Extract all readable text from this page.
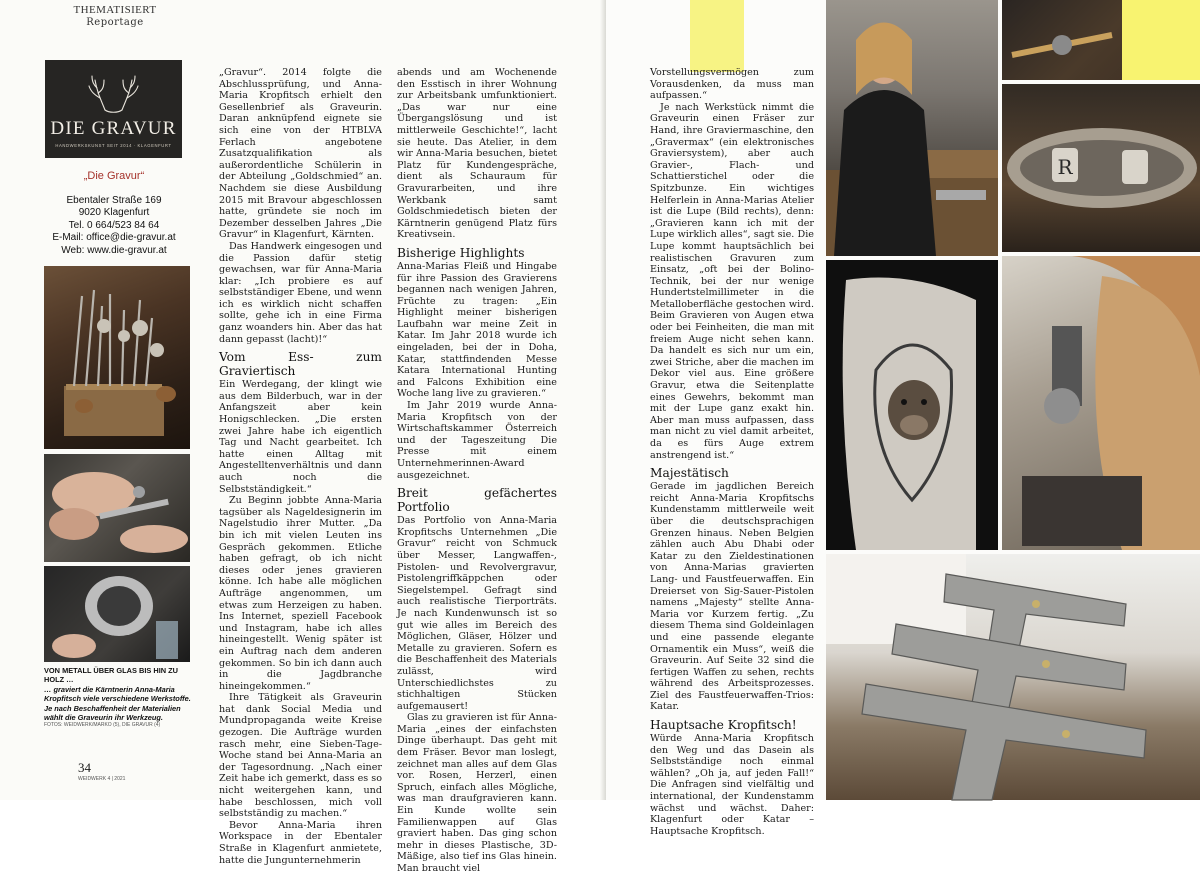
THEMATISIERT
Reportage
DIE GRAVUR
HANDWERKSKUNST SEIT 2014 · KLAGENFURT
„Die Gravur“
Ebentaler Straße 169
9020 Klagenfurt
Tel. 0 664/523 84 64
E-Mail: office@die-gravur.at
Web: www.die-gravur.at
VON METALL ÜBER GLAS BIS HIN ZU HOLZ …
… graviert die Kärntnerin Anna-Maria Kropfitsch viele verschiedene Werkstoffe. Je nach Beschaffenheit der Materialien wählt die Graveurin ihr Werkzeug.
FOTOS: WEIDWERK/MARKO (5), DIE GRAVUR (4)
34
WEIDWERK 4 | 2021

„Gravur“. 2014 folgte die Abschlussprüfung, und Anna-Maria Kropfitsch erhielt den Gesellenbrief als Graveurin. Daran anknüpfend eignete sie sich eine von der HTBLVA Ferlach angebotene Zusatzqualifikation als außerordentliche Schülerin in der Abteilung „Goldschmied“ an. Nachdem sie diese Ausbildung 2015 mit Bravour abgeschlossen hatte, gründete sie noch im Dezember desselben Jahres „Die Gravur“ in Klagenfurt, Kärnten.

Das Handwerk eingesogen und die Passion dafür stetig gewachsen, war für Anna-Maria klar: „Ich probiere es auf selbstständiger Ebene, und wenn ich es wirklich nicht schaffen sollte, gehe ich in eine Firma ganz woanders hin. Aber das hat dann gepasst (lacht)!“

Vom Ess- zum Graviertisch

Ein Werdegang, der klingt wie aus dem Bilderbuch, war in der Anfangszeit aber kein Honigschlecken. „Die ersten zwei Jahre habe ich eigentlich Tag und Nacht gearbeitet. Ich hatte einen Alltag mit Angestelltenverhältnis und dann auch noch die Selbstständigkeit.“

Zu Beginn jobbte Anna-Maria tagsüber als Nageldesignerin im Nagelstudio ihrer Mutter. „Da bin ich mit vielen Leuten ins Gespräch gekommen. Etliche haben gefragt, ob ich nicht dieses oder jenes gravieren könne. Ich habe alle möglichen Aufträge angenommen, um etwas zum Herzeigen zu haben. Ins Internet, speziell Facebook und Instagram, habe ich alles hineingestellt. Wenig später ist ein Auftrag nach dem anderen gekommen. So bin ich dann auch in die Jagdbranche hineingekommen.“

Ihre Tätigkeit als Graveurin hat dank Social Media und Mundpropaganda weite Kreise gezogen. Die Aufträge wurden rasch mehr, eine Sieben-Tage-Woche stand bei Anna-Maria an der Tagesordnung. „Nach einer Zeit habe ich gemerkt, dass es so nicht weitergehen kann, und habe beschlossen, mich voll selbstständig zu machen.“

Bevor Anna-Maria ihren Workspace in der Ebentaler Straße in Klagenfurt anmietete, hatte die Jungunternehmerin

abends und am Wochenende den Esstisch in ihrer Wohnung zur Arbeitsbank umfunktioniert. „Das war nur eine Übergangslösung und ist mittlerweile Geschichte!“, lacht sie heute. Das Atelier, in dem wir Anna-Maria besuchen, bietet Platz für Kundengespräche, dient als Schauraum für Gravurarbeiten, und ihre Werkbank samt Goldschmiedetisch bieten der Kärntnerin genügend Platz fürs Kreativsein.

Bisherige Highlights

Anna-Marias Fleiß und Hingabe für ihre Passion des Gravierens begannen nach wenigen Jahren, Früchte zu tragen: „Ein Highlight meiner bisherigen Laufbahn war meine Zeit in Katar. Im Jahr 2018 wurde ich eingeladen, bei der in Doha, Katar, stattfindenden Messe Katara International Hunting and Falcons Exhibition eine Woche lang live zu gravieren.“

Im Jahr 2019 wurde Anna-Maria Kropfitsch von der Wirtschaftskammer Österreich und der Tageszeitung Die Presse mit einem Unternehmerinnen-Award ausgezeichnet.

Breit gefächertes Portfolio

Das Portfolio von Anna-Maria Kropfitschs Unternehmen „Die Gravur“ reicht von Schmuck über Messer, Langwaffen-, Pistolen- und Revolvergravur, Pistolengriffkäppchen oder Siegelstempel. Gefragt sind auch realistische Tierporträts. Je nach Kundenwunsch ist so gut wie alles im Bereich des Möglichen, Gläser, Hölzer und Metalle zu gravieren. Sofern es die Beschaffenheit des Materials zulässt, wird Unterschiedlichstes zu stichhaltigen Stücken aufgemausert!

Glas zu gravieren ist für Anna-Maria „eines der einfachsten Dinge überhaupt. Das geht mit dem Fräser. Bevor man loslegt, zeichnet man alles auf dem Glas vor. Rosen, Herzerl, einen Spruch, einfach alles Mögliche, was man draufgravieren kann. Ein Kunde wollte sein Familienwappen auf Glas graviert haben. Das ging schon mehr in dieses Plastische, 3D-Mäßige, also tief ins Glas hinein. Man braucht viel

Vorstellungsvermögen zum Vorausdenken, da muss man aufpassen.“

Je nach Werkstück nimmt die Graveurin einen Fräser zur Hand, ihre Graviermaschine, den „Gravermax“ (ein elektronisches Graviersystem), aber auch Gravier-, Flach- und Schattierstichel oder die Spitzbunze. Ein wichtiges Helferlein in Anna-Marias Atelier ist die Lupe (Bild rechts), denn: „Gravieren kann ich mit der Lupe wirklich alles“, sagt sie. Die Lupe kommt hauptsächlich bei realistischen Gravuren zum Einsatz, „oft bei der Bolino-Technik, bei der nur wenige Hundertstelmillimeter in die Metalloberfläche gestochen wird. Beim Gravieren von Augen etwa oder bei Feinheiten, die man mit freiem Auge nicht sehen kann. Da handelt es sich nur um ein, zwei Striche, aber die machen im Dekor viel aus. Eine größere Gravur, etwa die Seitenplatte eines Gewehrs, bekommt man mit der Lupe ganz exakt hin. Aber man muss aufpassen, dass man nicht zu viel damit arbeitet, da es fürs Auge extrem anstrengend ist.“

Majestätisch

Gerade im jagdlichen Bereich reicht Anna-Maria Kropfitschs Kundenstamm mittlerweile weit über die deutschsprachigen Grenzen hinaus. Neben Belgien zählen auch Abu Dhabi oder Katar zu den Zieldestinationen von Anna-Marias gravierten Lang- und Faustfeuerwaffen. Ein Dreierset von Sig-Sauer-Pistolen namens „Majesty“ stellte Anna-Maria vor Kurzem fertig. „Zu diesem Thema sind Goldeinlagen und eine passende elegante Ornamentik ein Muss“, weiß die Graveurin. Auf Seite 32 sind die fertigen Waffen zu sehen, rechts während des Arbeitsprozesses. Ziel des Faustfeuerwaffen-Trios: Katar.

Hauptsache Kropfitsch!

Würde Anna-Maria Kropfitsch den Weg und das Dasein als Selbstständige noch einmal wählen? „Oh ja, auf jeden Fall!“ Die Anfragen sind vielfältig und international, der Kundenstamm wächst und wächst. Daher: Klagenfurt oder Katar – Hauptsache Kropfitsch.

R
